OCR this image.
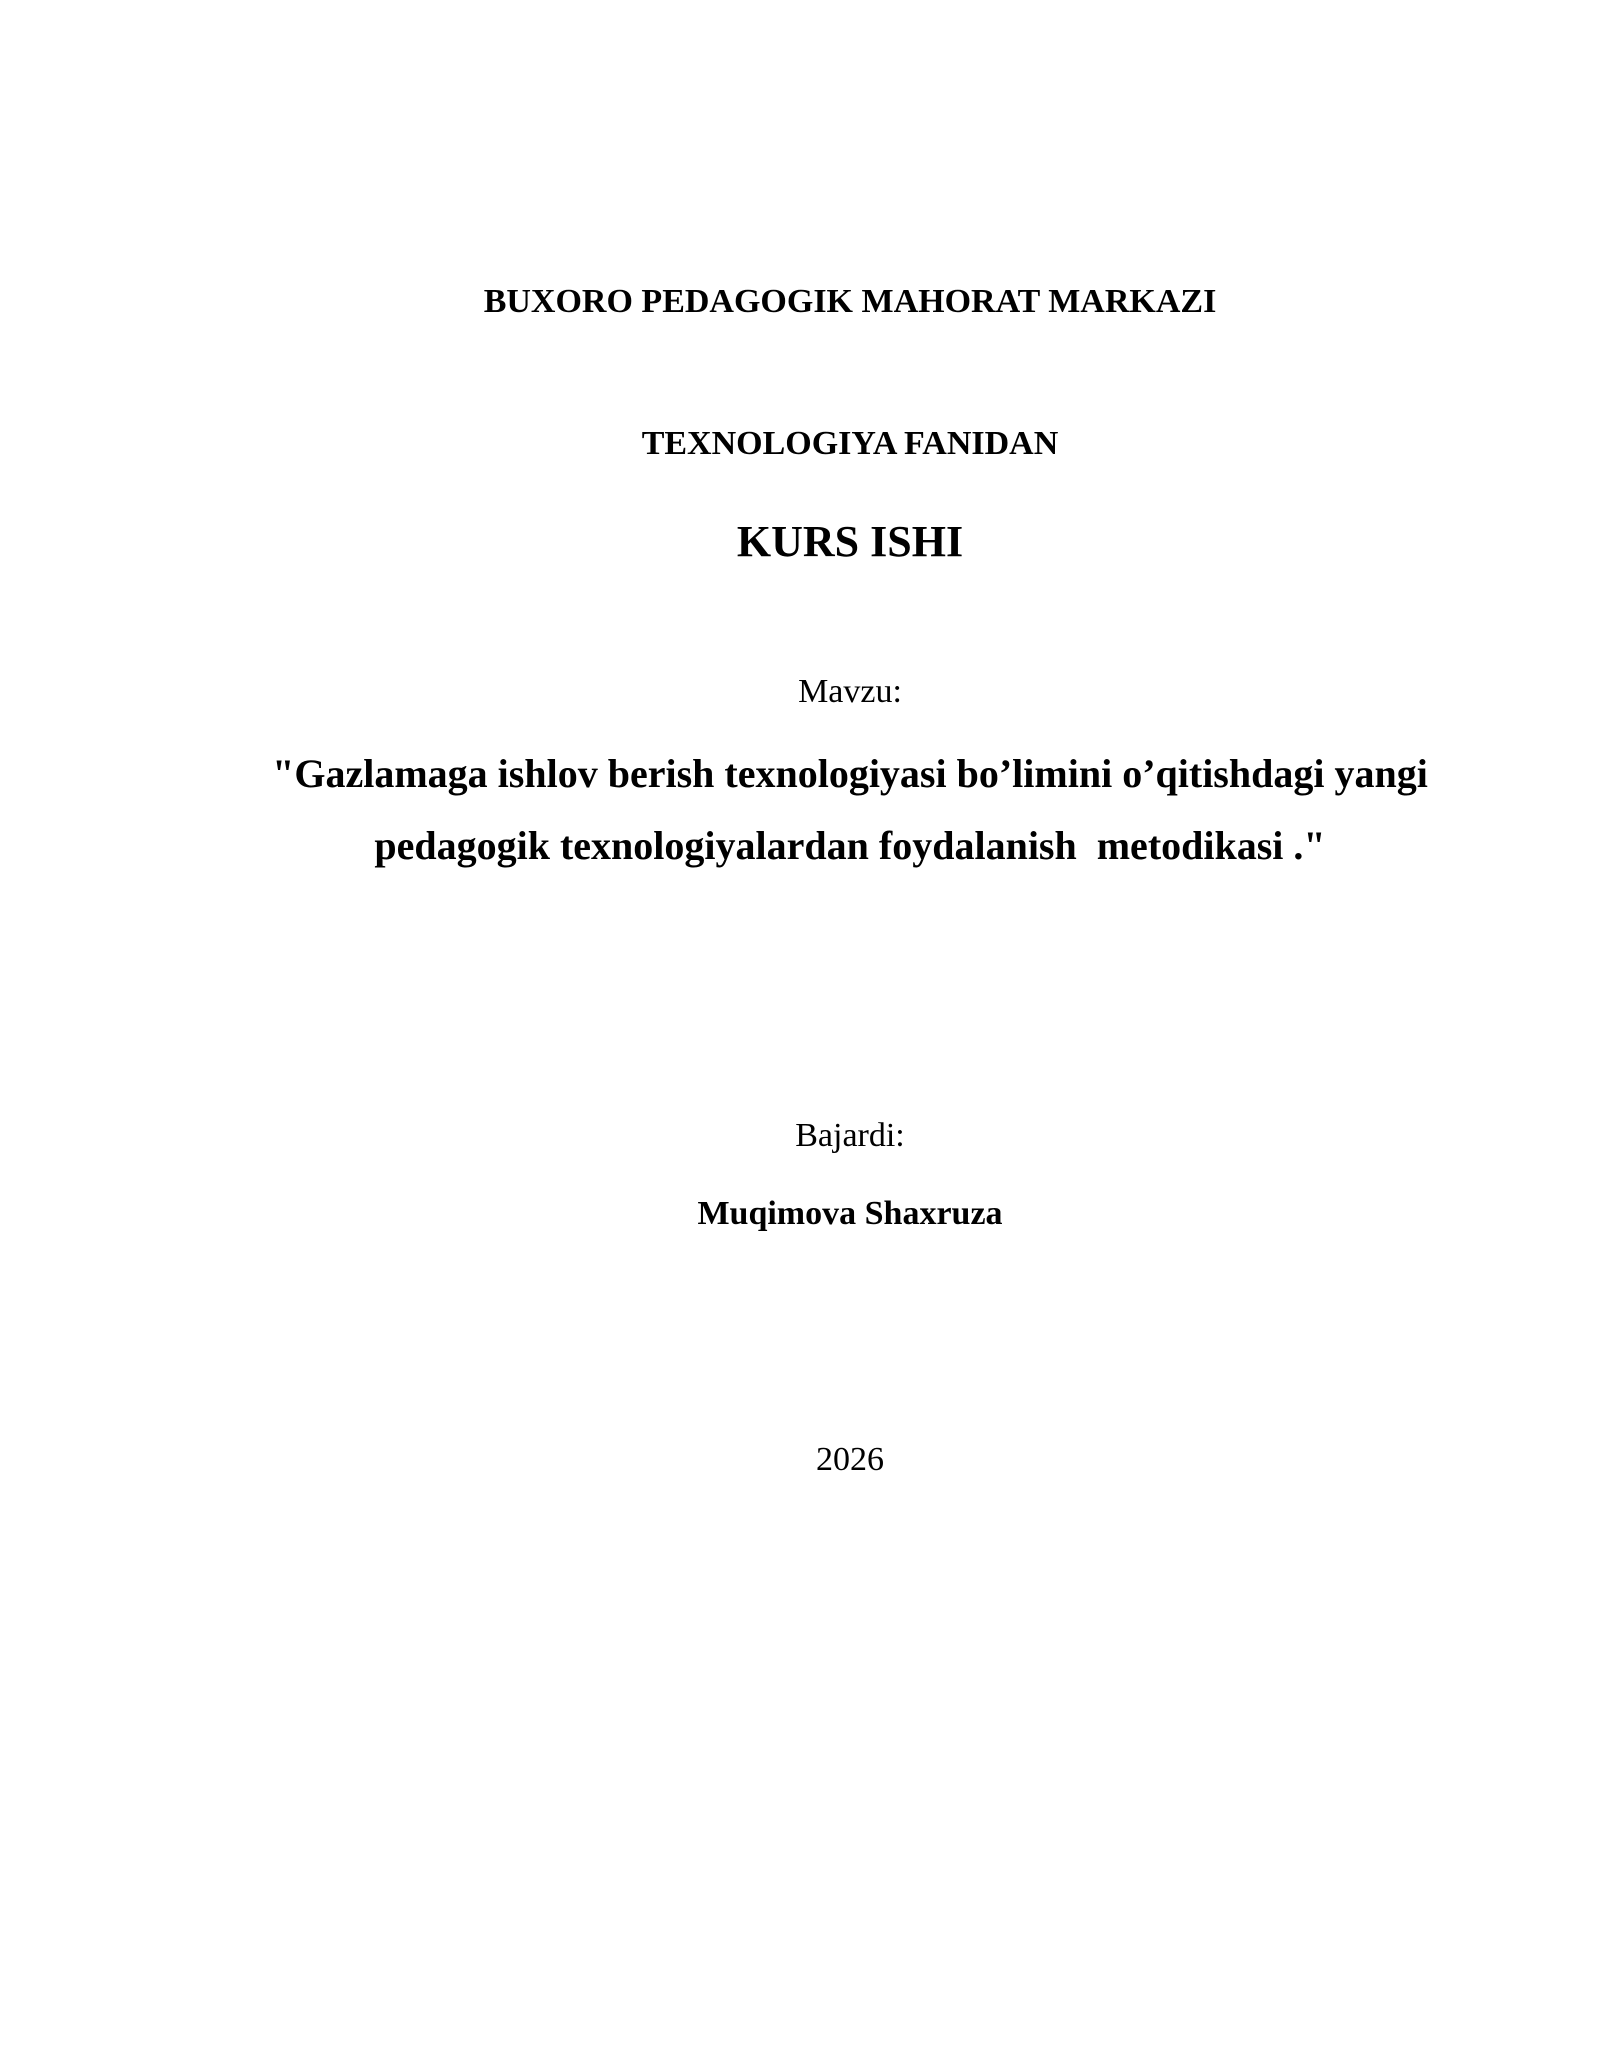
BUXORO PEDAGOGIK MAHORAT MARKAZI
TEXNOLOGIYA FANIDAN
KURS ISHI
Mavzu:
"Gazlamaga ishlov berish texnologiyasi bo’limini o’qitishdagi yangi
pedagogik texnologiyalardan foydalanish  metodikasi ."
Bajardi:
Muqimova Shaxruza
2026
